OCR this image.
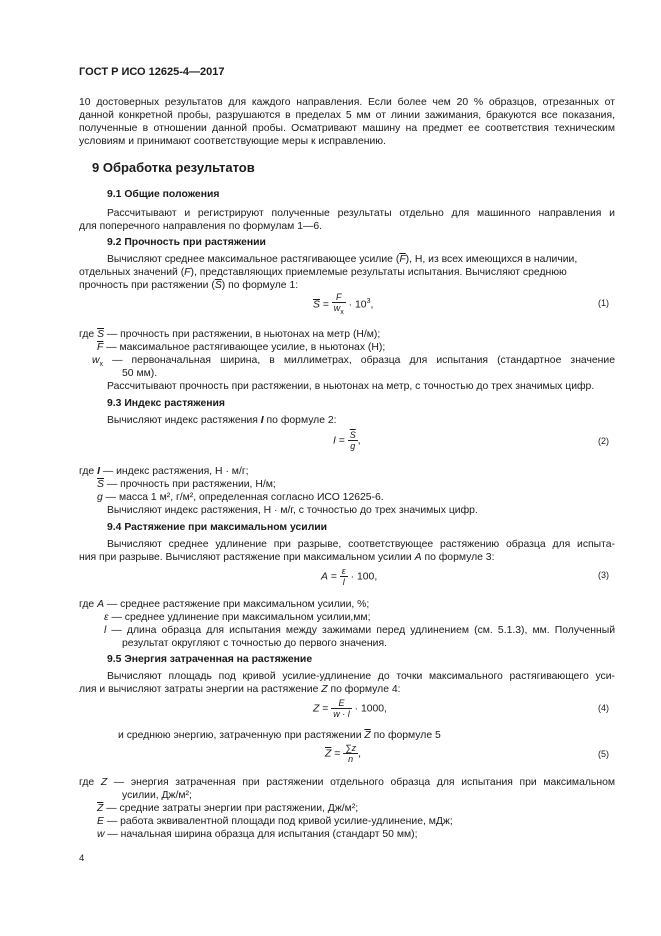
ГОСТ Р ИСО 12625-4—2017
10 достоверных результатов для каждого направления. Если более чем 20 % образцов, отрезанных от
данной конкретной пробы, разрушаются в пределах 5 мм от линии зажимания, бракуются все показания,
полученные в отношении данной пробы. Осматривают машину на предмет ее соответствия техническим
условиям и принимают соответствующие меры к исправлению.
9 Обработка результатов
9.1 Общие положения
Рассчитывают и регистрируют полученные результаты отдельно для машинного направления и
для поперечного направления по формулам 1—6.
9.2 Прочность при растяжении
Вычисляют среднее максимальное растягивающее усилие $(\overline{F})$, Н, из всех имеющихся в наличии,
отдельных значений (F), представляющих приемлемые результаты испытания. Вычисляют среднюю
прочность при растяжении $(\overline{S})$ по формуле 1:
$\overline{S} = \frac{F}{w_x} \cdot 10^3$,	(1)
где $\overline{S}$ — прочность при растяжении, в ньютонах на метр (Н/м);
$\overline{F}$ — максимальное растягивающее усилие, в ньютонах (Н);
$w_x$ — первоначальная ширина, в миллиметрах, образца для испытания (стандартное значение
50 мм).
Рассчитывают прочность при растяжении, в ньютонах на метр, с точностью до трех значимых цифр.
9.3 Индекс растяжения
Вычисляют индекс растяжения I по формуле 2:
$I = \frac{\overline{S}}{g}$ ,	(2)
где I — индекс растяжения, Н · м/г;
$\overline{S}$ — прочность при растяжении, Н/м;
g — масса 1 м², г/м², определенная согласно ИСО 12625-6.
Вычисляют индекс растяжения, Н · м/г, с точностью до трех значимых цифр.
9.4 Растяжение при максимальном усилии
Вычисляют среднее удлинение при разрыве, соответствующее растяжению образца для испыта-
ния при разрыве. Вычисляют растяжение при максимальном усилии A по формуле 3:
$A = \frac{\varepsilon}{l} \cdot 100$,	(3)
где A — среднее растяжение при максимальном усилии, %;
ε — среднее удлинение при максимальном усилии,мм;
l — длина образца для испытания между зажимами перед удлинением (см. 5.1.3), мм. Полученный
результат округляют с точностью до первого значения.
9.5 Энергия затраченная на растяжение
Вычисляют площадь под кривой усилие-удлинение до точки максимального растягивающего уси-
лия и вычисляют затраты энергии на растяжение Z по формуле 4:
$Z = \frac{E}{w \cdot l} \cdot 1000$,	(4)
и среднюю энергию, затраченную при растяжении $\overline{Z}$ по формуле 5
$\overline{Z} = \frac{\sum z}{n}$ ,	(5)
где Z — энергия затраченная при растяжении отдельного образца для испытания при максимальном
усилии, Дж/м²;
$\overline{Z}$ — средние затраты энергии при растяжении, Дж/м²;
E — работа эквивалентной площади под кривой усилие-удлинение, мДж;
w — начальная ширина образца для испытания (стандарт 50 мм);
4
